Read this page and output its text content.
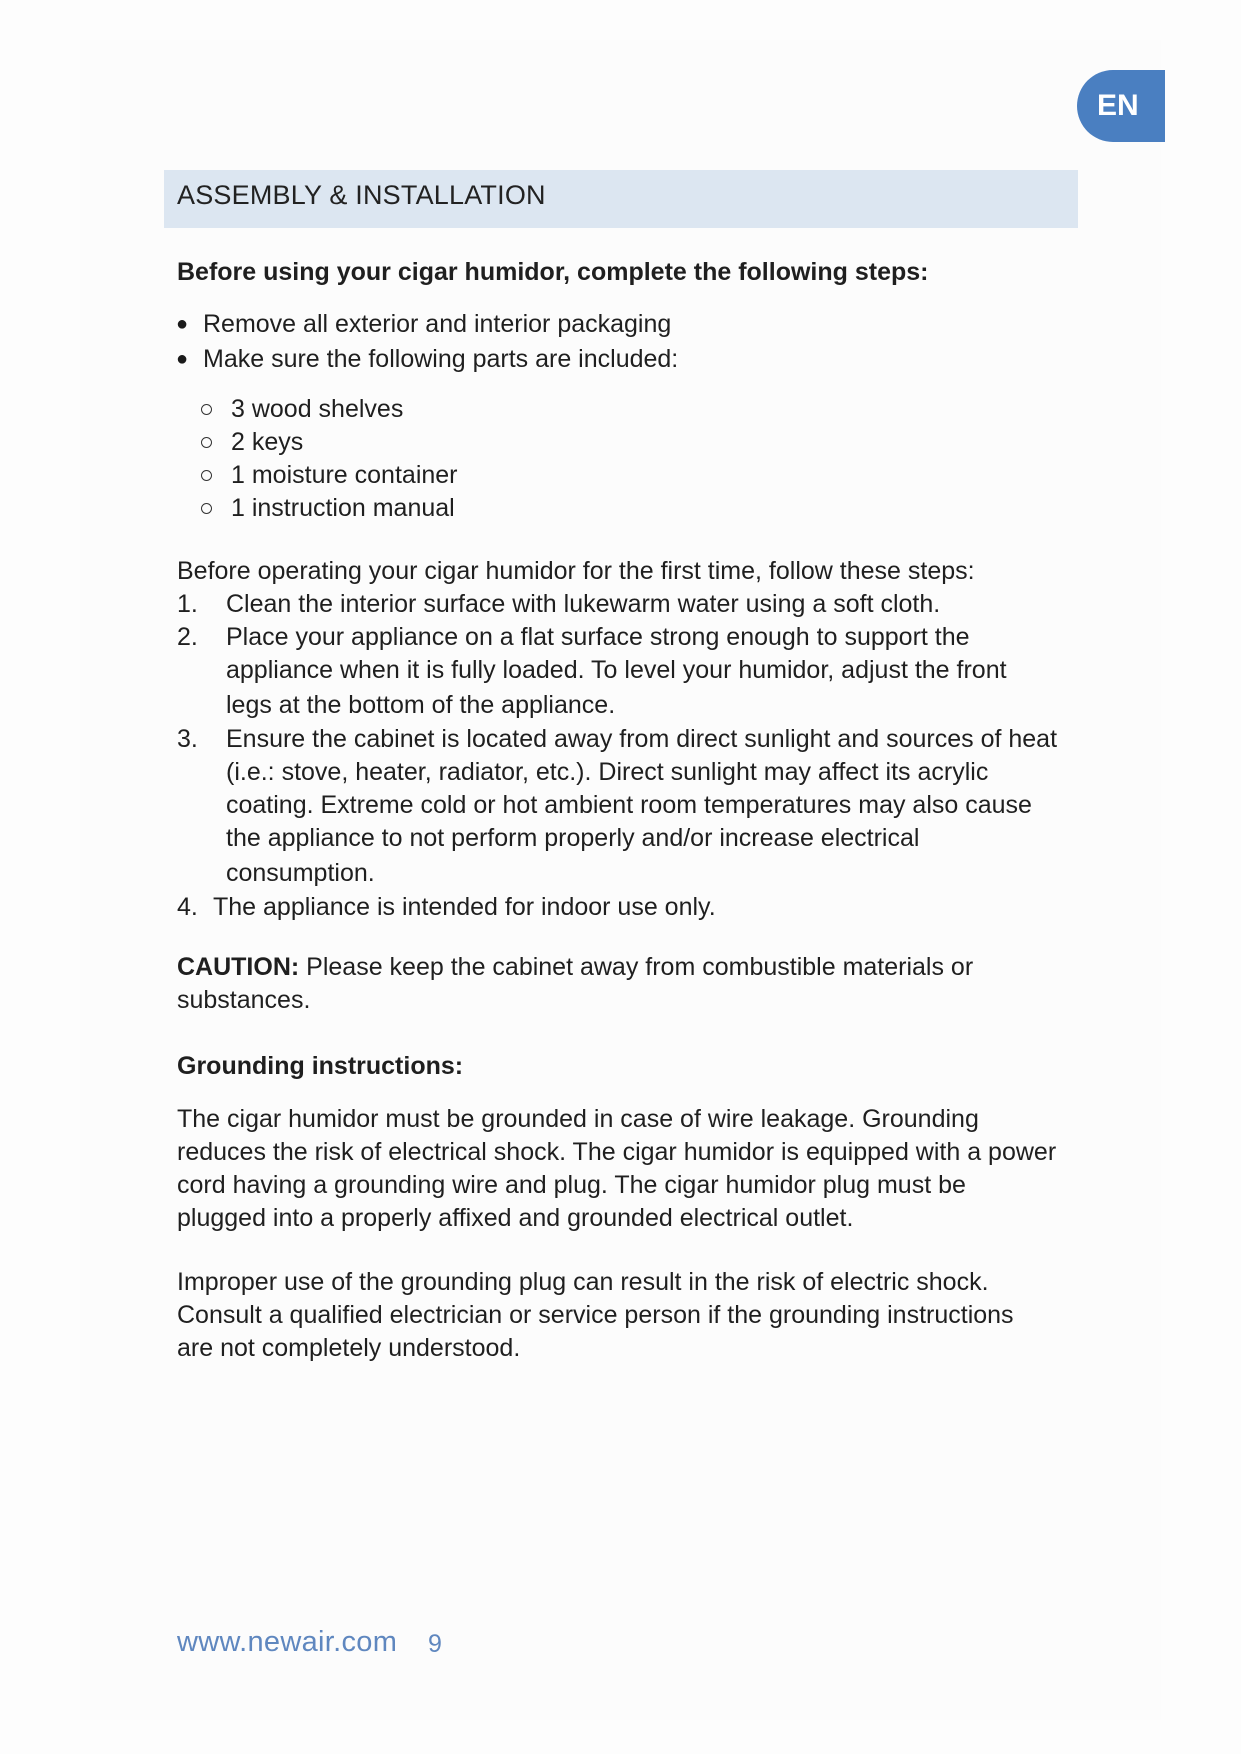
EN
ASSEMBLY & INSTALLATION
Before using your cigar humidor, complete the following steps:
● Remove all exterior and interior packaging
● Make sure the following parts are included:
3 wood shelves
2 keys
1 moisture container
1 instruction manual
Before operating your cigar humidor for the first time, follow these steps:
1. Clean the interior surface with lukewarm water using a soft cloth.
2. Place your appliance on a flat surface strong enough to support the
appliance when it is fully loaded. To level your humidor, adjust the front
legs at the bottom of the appliance.
3. Ensure the cabinet is located away from direct sunlight and sources of heat
(i.e.: stove, heater, radiator, etc.). Direct sunlight may affect its acrylic
coating. Extreme cold or hot ambient room temperatures may also cause
the appliance to not perform properly and/or increase electrical
consumption.
4. The appliance is intended for indoor use only.
CAUTION: Please keep the cabinet away from combustible materials or
substances.
Grounding instructions:
The cigar humidor must be grounded in case of wire leakage. Grounding
reduces the risk of electrical shock. The cigar humidor is equipped with a power
cord having a grounding wire and plug. The cigar humidor plug must be
plugged into a properly affixed and grounded electrical outlet.
Improper use of the grounding plug can result in the risk of electric shock.
Consult a qualified electrician or service person if the grounding instructions
are not completely understood.
www.newair.com 9
